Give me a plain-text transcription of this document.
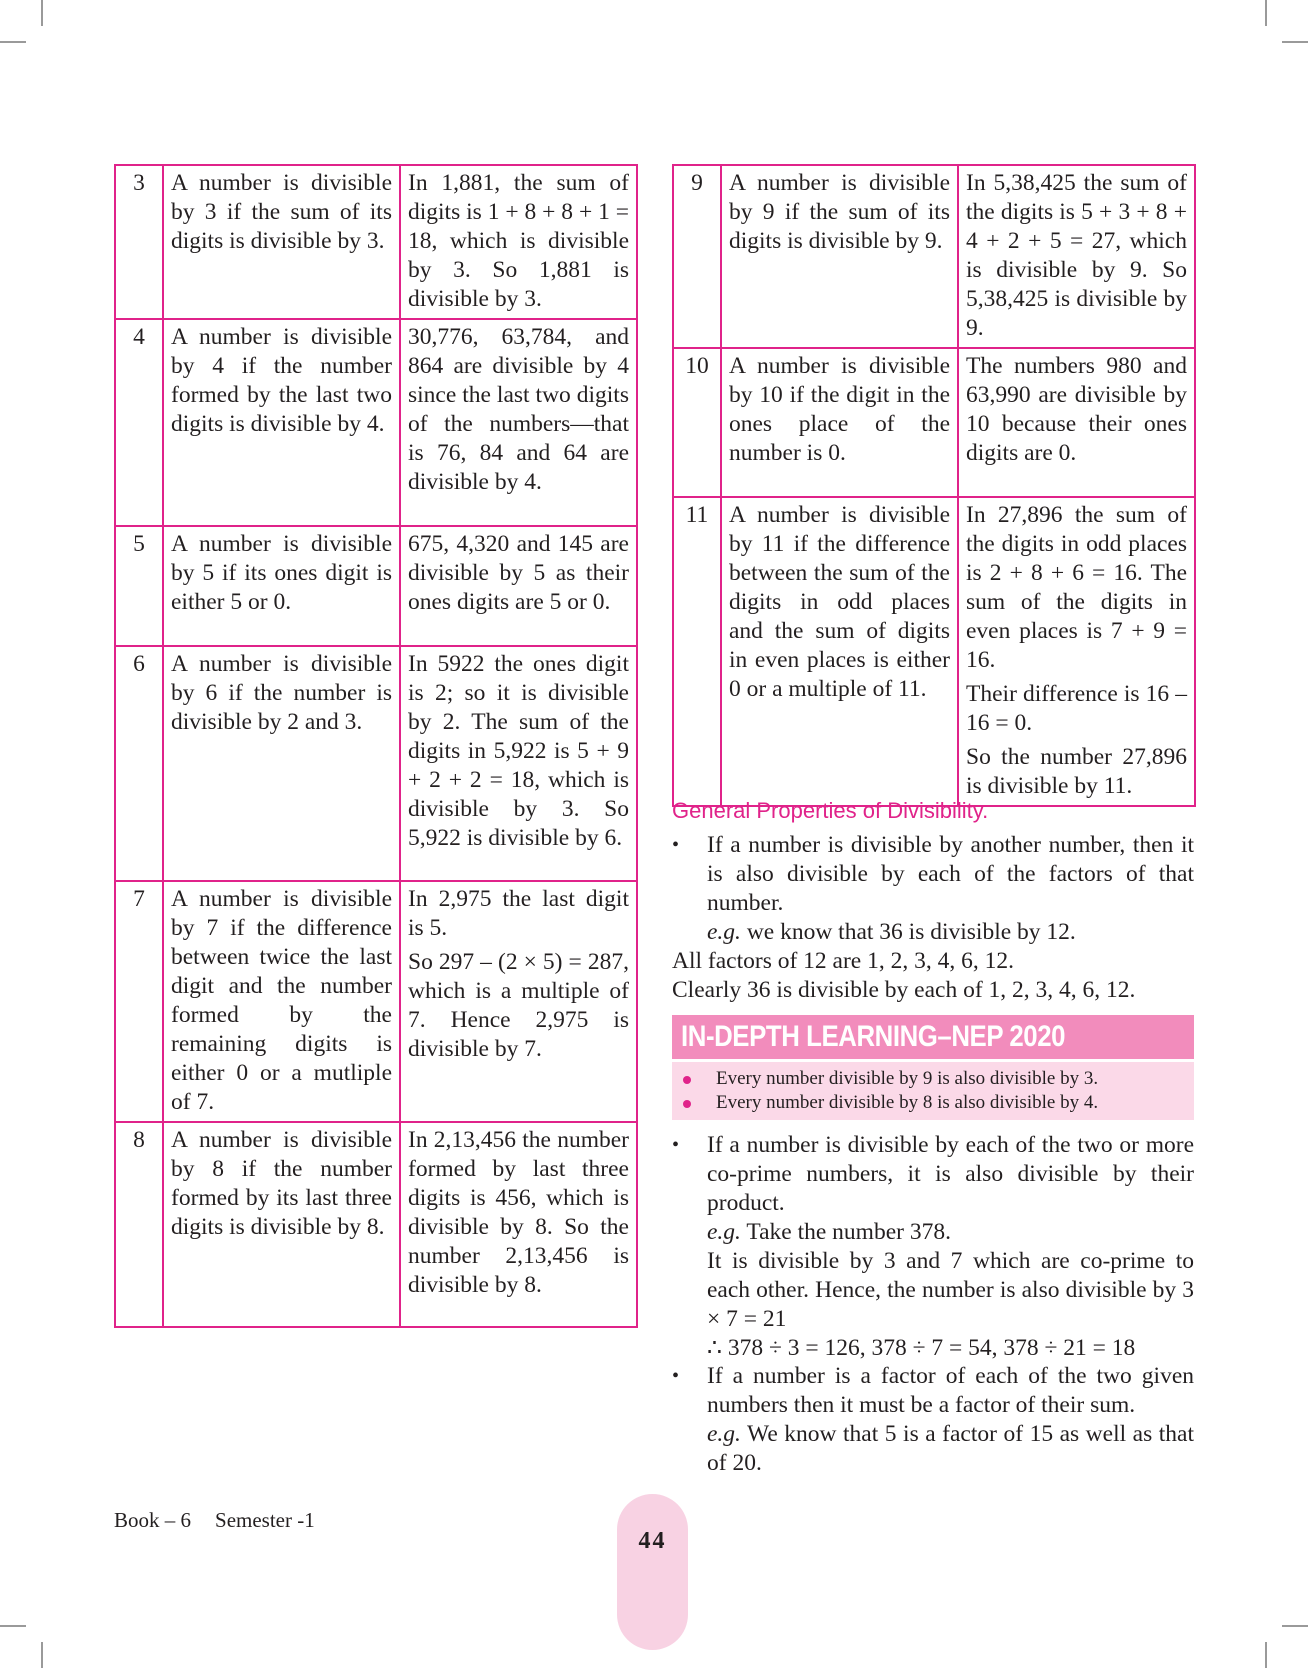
3	A number is divisible by 3 if the sum of its digits is divisible by 3.	In 1,881, the sum of digits is 1 + 8 + 8 + 1 = 18, which is divisible by 3. So 1,881 is divisible by 3.

4	A number is divisible by 4 if the number formed by the last two digits is divisible by 4.	30,776, 63,784, and 864 are divisible by 4 since the last two digits of the numbers—that is 76, 84 and 64 are divisible by 4.

5	A number is divisible by 5 if its ones digit is either 5 or 0.	675, 4,320 and 145 are divisible by 5 as their ones digits are 5 or 0.

6	A number is divisible by 6 if the number is divisible by 2 and 3.	In 5922 the ones digit is 2; so it is divisible by 2. The sum of the digits in 5,922 is 5 + 9 + 2 + 2 = 18, which is divisible by 3. So 5,922 is divisible by 6.

7	A number is divisible by 7 if the difference between twice the last digit and the number formed by the remaining digits is either 0 or a mutliple of 7.	In 2,975 the last digit is 5.
So 297 – (2 × 5) = 287, which is a multiple of 7. Hence 2,975 is divisible by 7.

8	A number is divisible by 8 if the number formed by its last three digits is divisible by 8.	In 2,13,456 the number formed by last three digits is 456, which is divisible by 8. So the number 2,13,456 is divisible by 8.
9	A number is divisible by 9 if the sum of its digits is divisible by 9.	In 5,38,425 the sum of the digits is 5 + 3 + 8 + 4 + 2 + 5 = 27, which is divisible by 9. So 5,38,425 is divisible by 9.

10	A number is divisible by 10 if the digit in the ones place of the number is 0.	The numbers 980 and 63,990 are divisible by 10 because their ones digits are 0.

11	A number is divisible by 11 if the difference between the sum of the digits in odd places and the sum of digits in even places is either 0 or a multiple of 11.	In 27,896 the sum of the digits in odd places is 2 + 8 + 6 = 16. The sum of the digits in even places is 7 + 9 = 16.
Their difference is 16 – 16 = 0.
So the number 27,896 is divisible by 11.
General Properties of Divisibility.
• If a number is divisible by another number, then it is also divisible by each of the factors of that number.
e.g. we know that 36 is divisible by 12.
All factors of 12 are 1, 2, 3, 4, 6, 12.
Clearly 36 is divisible by each of 1, 2, 3, 4, 6, 12.
IN-DEPTH LEARNING–NEP 2020
Every number divisible by 9 is also divisible by 3.
Every number divisible by 8 is also divisible by 4.
• If a number is divisible by each of the two or more co-prime numbers, it is also divisible by their product.
e.g. Take the number 378.
It is divisible by 3 and 7 which are co-prime to each other. Hence, the number is also divisible by 3 × 7 = 21
∴ 378 ÷ 3 = 126, 378 ÷ 7 = 54, 378 ÷ 21 = 18
• If a number is a factor of each of the two given numbers then it must be a factor of their sum.
e.g. We know that 5 is a factor of 15 as well as that of 20.
Book – 6 Semester -1
44
